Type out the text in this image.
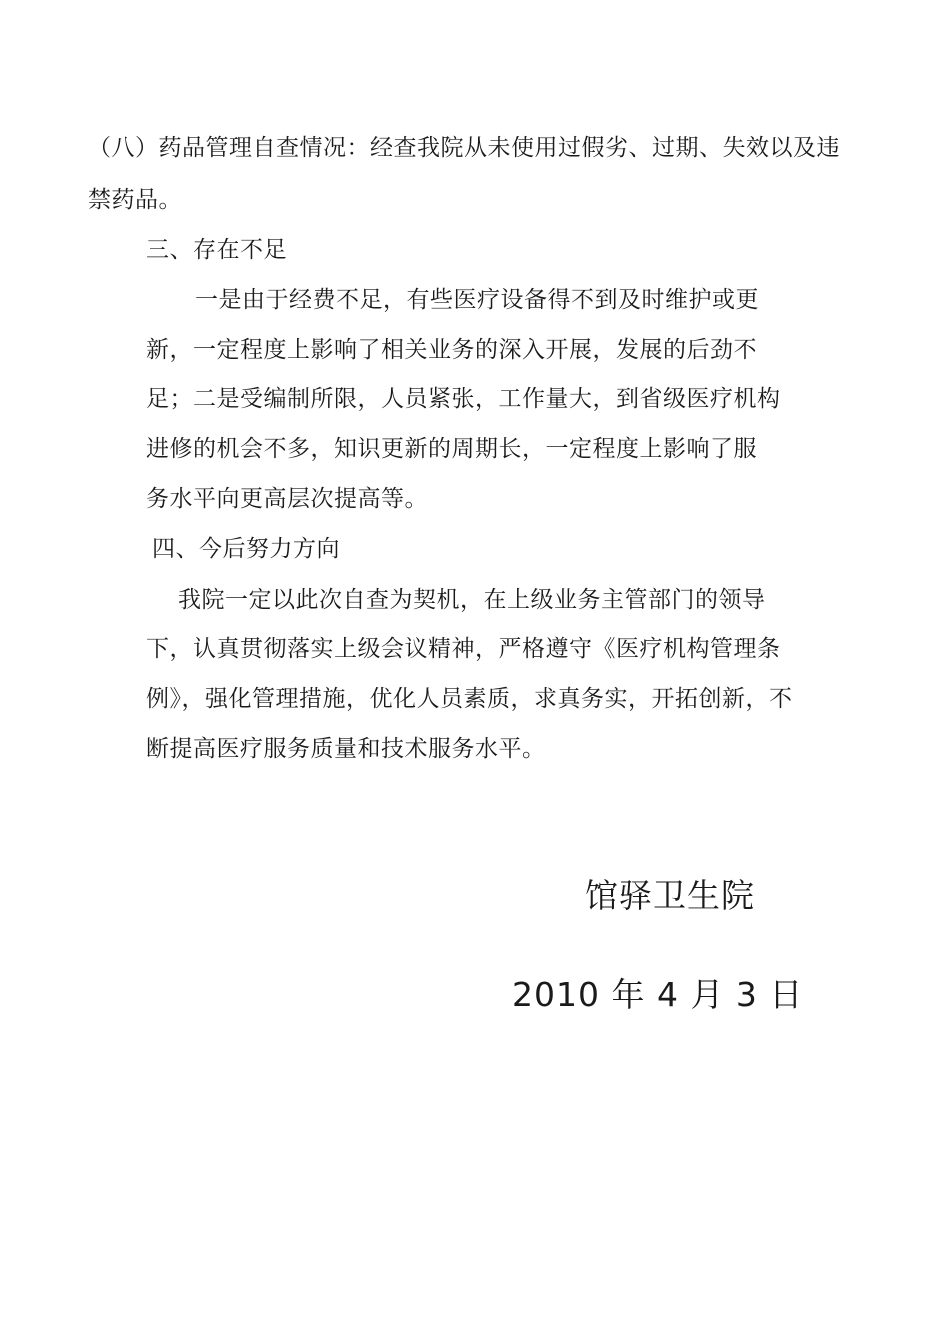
（八）药品管理自查情况：经查我院从未使用过假劣、过期、失效以及违
禁药品。
三、存在不足
一是由于经费不足，有些医疗设备得不到及时维护或更
新，一定程度上影响了相关业务的深入开展，发展的后劲不
足；二是受编制所限，人员紧张，工作量大，到省级医疗机构
进修的机会不多，知识更新的周期长，一定程度上影响了服
务水平向更高层次提高等。
四、今后努力方向
我院一定以此次自查为契机，在上级业务主管部门的领导
下，认真贯彻落实上级会议精神，严格遵守《医疗机构管理条
例》，强化管理措施，优化人员素质，求真务实，开拓创新，不
断提高医疗服务质量和技术服务水平。
馆驿卫生院
2010 年 4 月 3 日
